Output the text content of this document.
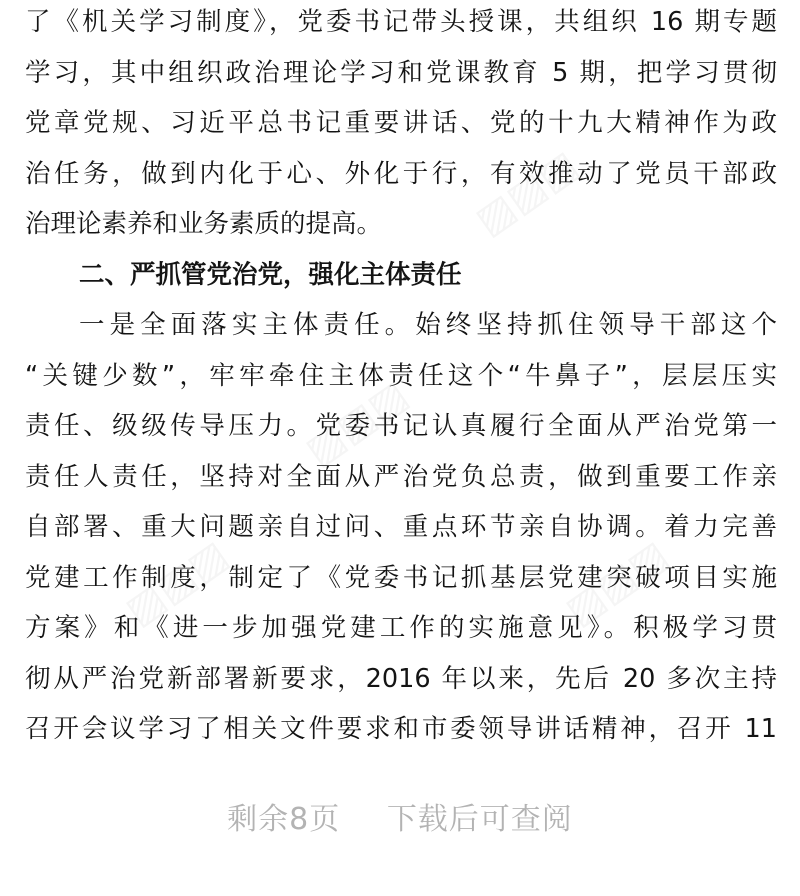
▨▨▨
▨▨▨
▨▨▨	▨▨▨
了《机关学习制度》，党委书记带头授课，共组织 16 期专题
学习，其中组织政治理论学习和党课教育 5 期，把学习贯彻
党章党规、习近平总书记重要讲话、党的十九大精神作为政
治任务，做到内化于心、外化于行，有效推动了党员干部政
治理论素养和业务素质的提高。
二、严抓管党治党，强化主体责任
一是全面落实主体责任。始终坚持抓住领导干部这个
“关键少数”，牢牢牵住主体责任这个“牛鼻子”，层层压实
责任、级级传导压力。党委书记认真履行全面从严治党第一
责任人责任，坚持对全面从严治党负总责，做到重要工作亲
自部署、重大问题亲自过问、重点环节亲自协调。着力完善
党建工作制度，制定了《党委书记抓基层党建突破项目实施
方案》和《进一步加强党建工作的实施意见》。积极学习贯
彻从严治党新部署新要求，2016 年以来，先后 20 多次主持
召开会议学习了相关文件要求和市委领导讲话精神，召开 11
剩余8页 下载后可查阅
